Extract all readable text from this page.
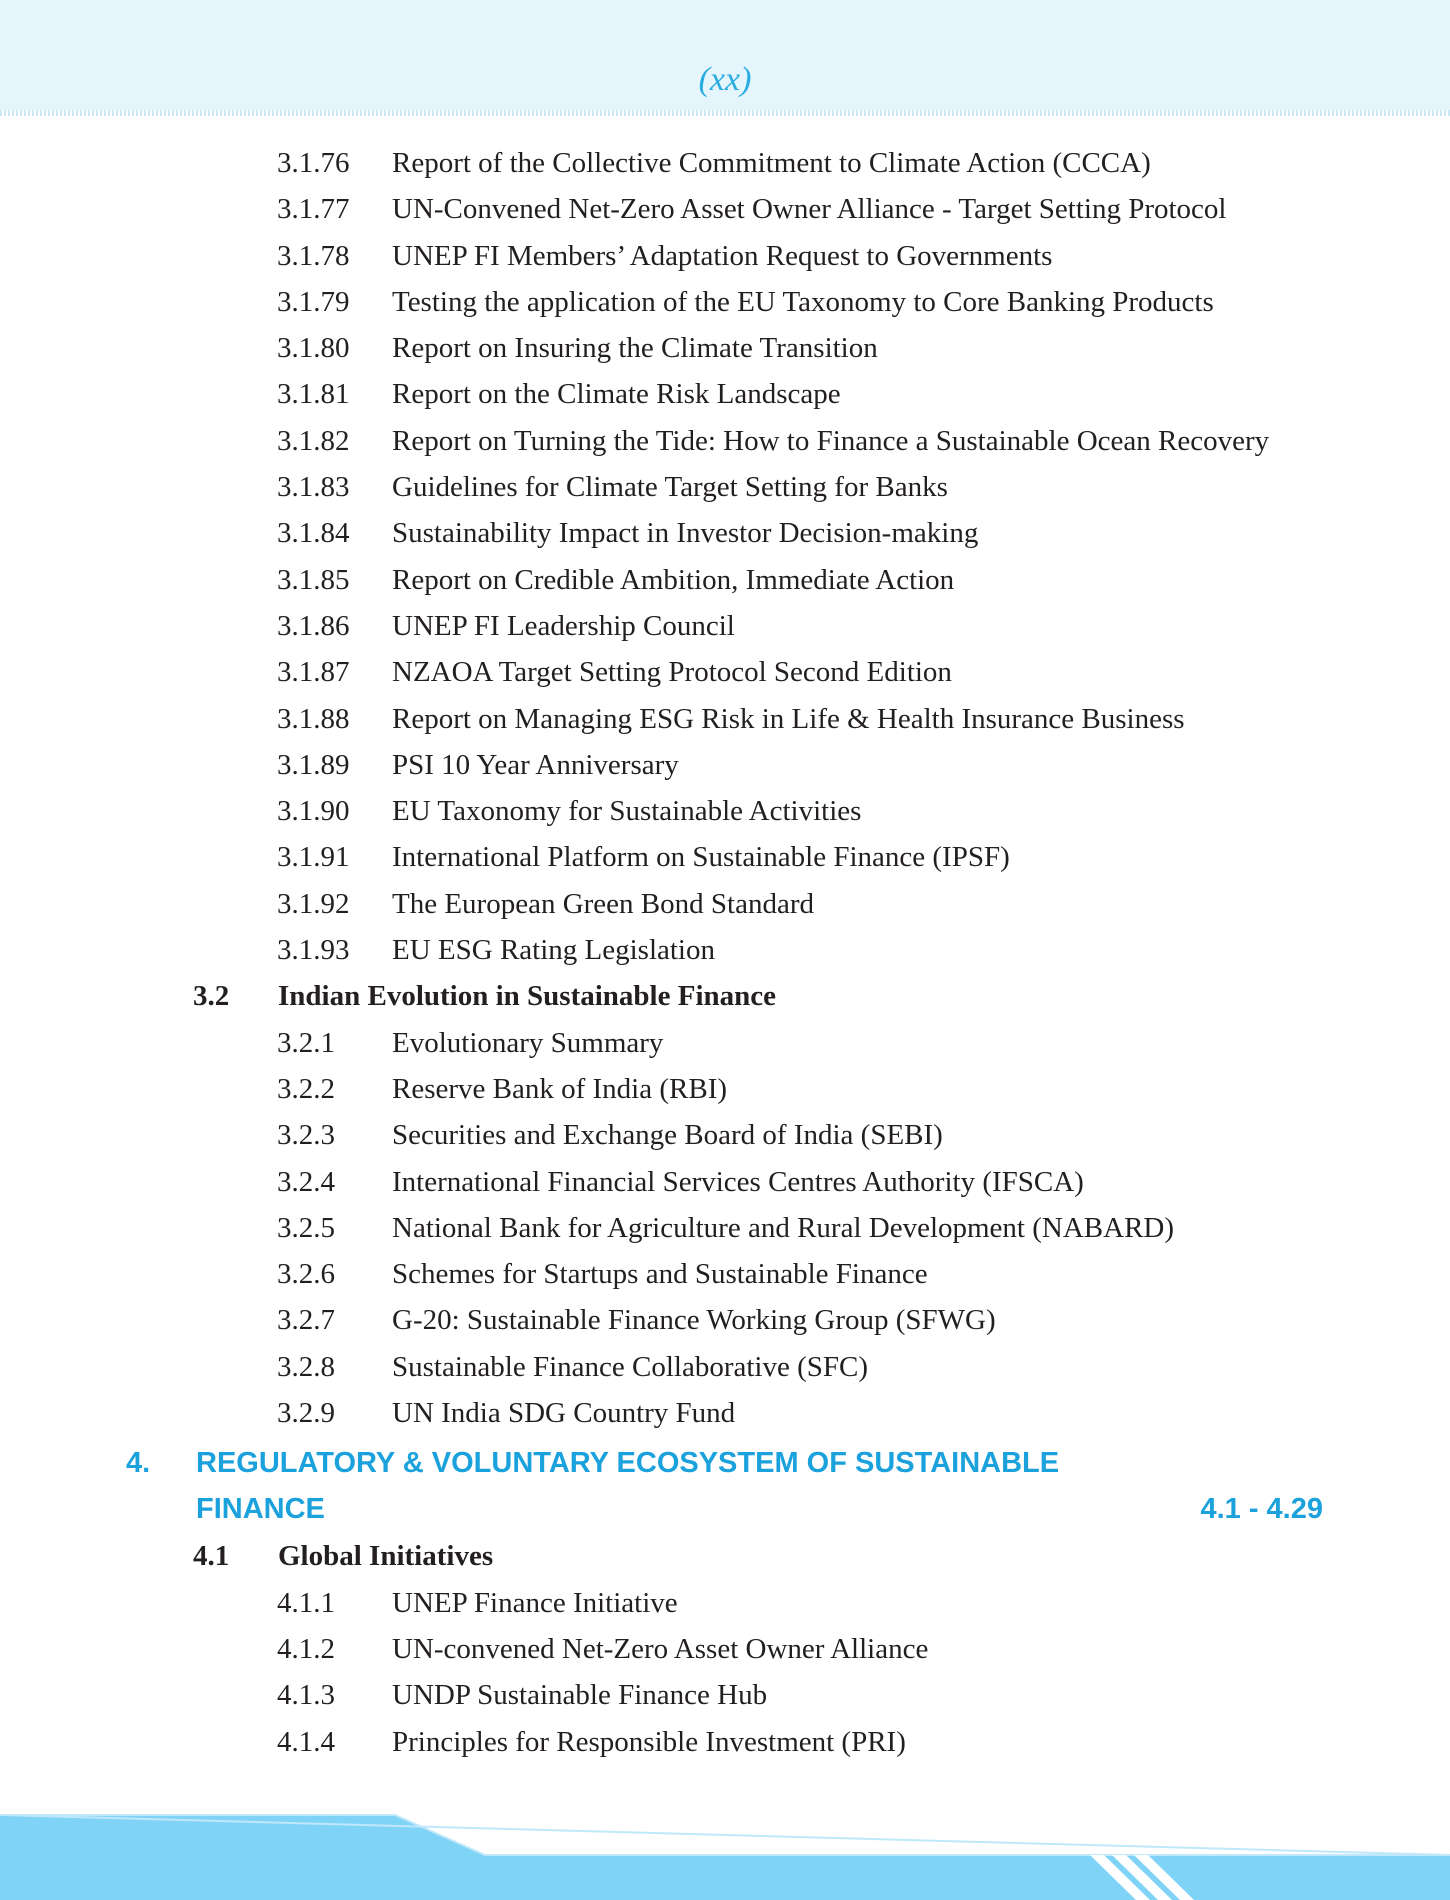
(xx)
3.1.76 Report of the Collective Commitment to Climate Action (CCCA)
3.1.77 UN-Convened Net-Zero Asset Owner Alliance - Target Setting Protocol
3.1.78 UNEP FI Members’ Adaptation Request to Governments
3.1.79 Testing the application of the EU Taxonomy to Core Banking Products
3.1.80 Report on Insuring the Climate Transition
3.1.81 Report on the Climate Risk Landscape
3.1.82 Report on Turning the Tide: How to Finance a Sustainable Ocean Recovery
3.1.83 Guidelines for Climate Target Setting for Banks
3.1.84 Sustainability Impact in Investor Decision-making
3.1.85 Report on Credible Ambition, Immediate Action
3.1.86 UNEP FI Leadership Council
3.1.87 NZAOA Target Setting Protocol Second Edition
3.1.88 Report on Managing ESG Risk in Life & Health Insurance Business
3.1.89 PSI 10 Year Anniversary
3.1.90 EU Taxonomy for Sustainable Activities
3.1.91 International Platform on Sustainable Finance (IPSF)
3.1.92 The European Green Bond Standard
3.1.93 EU ESG Rating Legislation
3.2 Indian Evolution in Sustainable Finance
3.2.1 Evolutionary Summary
3.2.2 Reserve Bank of India (RBI)
3.2.3 Securities and Exchange Board of India (SEBI)
3.2.4 International Financial Services Centres Authority (IFSCA)
3.2.5 National Bank for Agriculture and Rural Development (NABARD)
3.2.6 Schemes for Startups and Sustainable Finance
3.2.7 G-20: Sustainable Finance Working Group (SFWG)
3.2.8 Sustainable Finance Collaborative (SFC)
3.2.9 UN India SDG Country Fund
4. REGULATORY & VOLUNTARY ECOSYSTEM OF SUSTAINABLE
FINANCE	4.1 - 4.29
4.1 Global Initiatives
4.1.1 UNEP Finance Initiative
4.1.2 UN-convened Net-Zero Asset Owner Alliance
4.1.3 UNDP Sustainable Finance Hub
4.1.4 Principles for Responsible Investment (PRI)
